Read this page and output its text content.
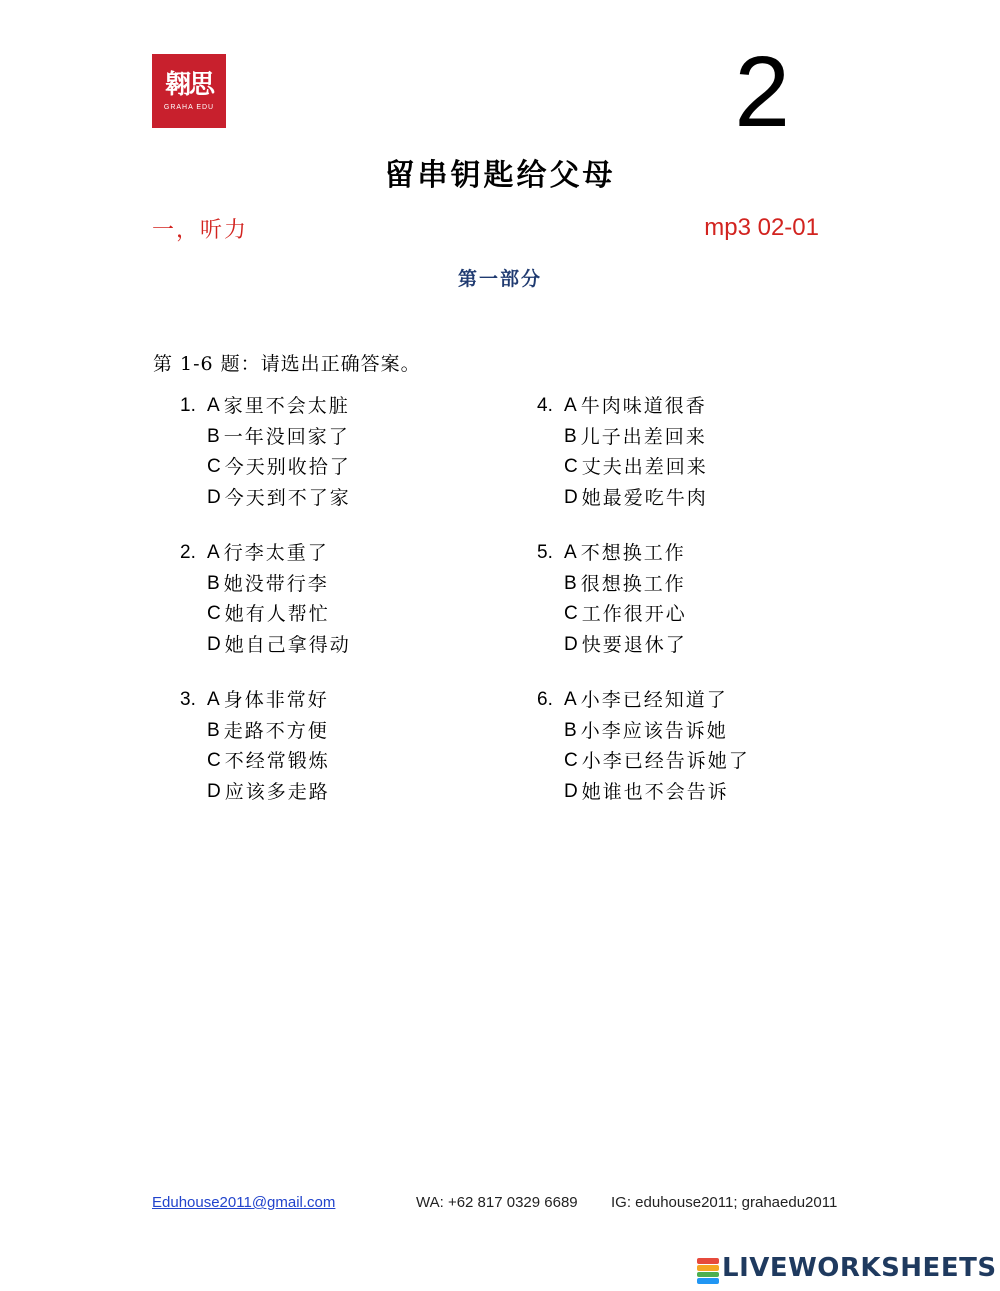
翱思
GRAHA EDU	2
留串钥匙给父母
一，听力	mp3 02-01
第一部分
第 1-6 题：请选出正确答案。
1. A 家里不会太脏
B 一年没回家了
C 今天别收拾了
D 今天到不了家
2. A 行李太重了
B 她没带行李
C 她有人帮忙
D 她自己拿得动
3. A 身体非常好
B 走路不方便
C 不经常锻炼
D 应该多走路
4. A 牛肉味道很香
B 儿子出差回来
C 丈夫出差回来
D 她最爱吃牛肉
5. A 不想换工作
B 很想换工作
C 工作很开心
D 快要退休了
6. A 小李已经知道了
B 小李应该告诉她
C 小李已经告诉她了
D 她谁也不会告诉
Eduhouse2011@gmail.com	WA: +62 817 0329 6689 IG: eduhouse2011; grahaedu2011
LIVEWORKSHEETS
